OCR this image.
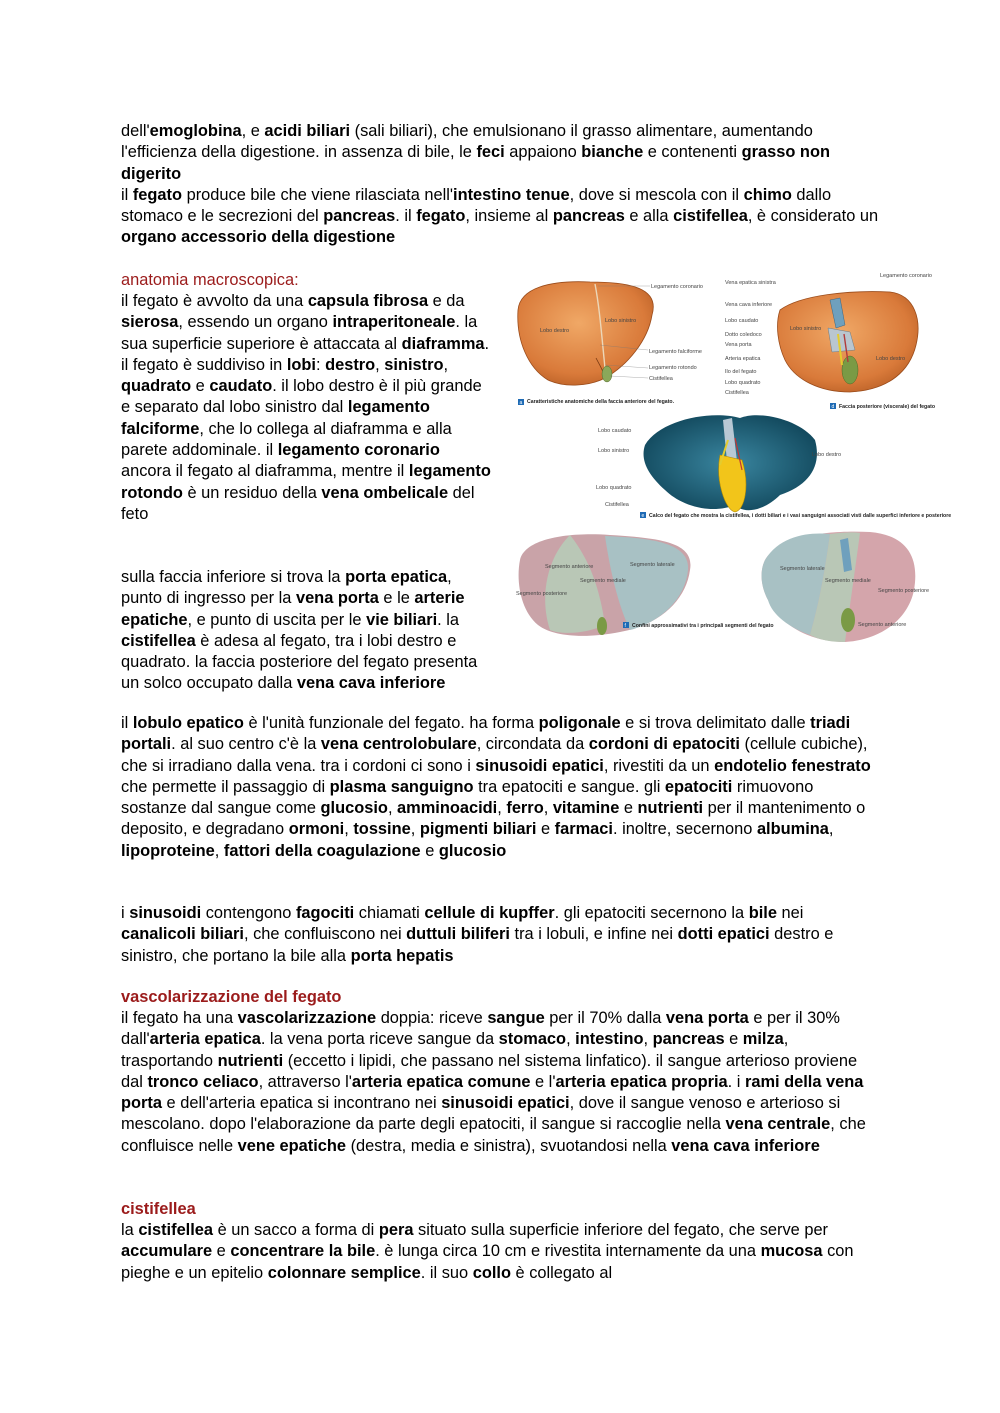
dell'emoglobina, e acidi biliari (sali biliari), che emulsionano il grasso alimentare, aumentando l'efficienza della digestione. in assenza di bile, le feci appaiono bianche e contenenti grasso non digerito
il fegato produce bile che viene rilasciata nell'intestino tenue, dove si mescola con il chimo dallo stomaco e le secrezioni del pancreas. il fegato, insieme al pancreas e alla cistifellea, è considerato un organo accessorio della digestione
anatomia macroscopica:
il fegato è avvolto da una capsula fibrosa e da sierosa, essendo un organo intraperitoneale. la sua superficie superiore è attaccata al diaframma. il fegato è suddiviso in lobi: destro, sinistro, quadrato e caudato. il lobo destro è il più grande e separato dal lobo sinistro dal legamento falciforme, che lo collega al diaframma e alla parete addominale. il legamento coronario ancora il fegato al diaframma, mentre il legamento rotondo è un residuo della vena ombelicale del feto
sulla faccia inferiore si trova la porta epatica, punto di ingresso per la vena porta e le arterie epatiche, e punto di uscita per le vie biliari. la cistifellea è adesa al fegato, tra i lobi destro e quadrato. la faccia posteriore del fegato presenta un solco occupato dalla vena cava inferiore
il lobulo epatico è l'unità funzionale del fegato. ha forma poligonale e si trova delimitato dalle triadi portali. al suo centro c'è la vena centrolobulare, circondata da cordoni di epatociti (cellule cubiche), che si irradiano dalla vena. tra i cordoni ci sono i sinusoidi epatici, rivestiti da un endotelio fenestrato che permette il passaggio di plasma sanguigno tra epatociti e sangue. gli epatociti rimuovono sostanze dal sangue come glucosio, amminoacidi, ferro, vitamine e nutrienti per il mantenimento o deposito, e degradano ormoni, tossine, pigmenti biliari e farmaci. inoltre, secernono albumina, lipoproteine, fattori della coagulazione e glucosio
i sinusoidi contengono fagociti chiamati cellule di kupffer. gli epatociti secernono la bile nei canalicoli biliari, che confluiscono nei duttuli biliferi tra i lobuli, e infine nei dotti epatici destro e sinistro, che portano la bile alla porta hepatis
vascolarizzazione del fegato
il fegato ha una vascolarizzazione doppia: riceve sangue per il 70% dalla vena porta e per il 30% dall'arteria epatica. la vena porta riceve sangue da stomaco, intestino, pancreas e milza, trasportando nutrienti (eccetto i lipidi, che passano nel sistema linfatico). il sangue arterioso proviene dal tronco celiaco, attraverso l'arteria epatica comune e l'arteria epatica propria. i rami della vena porta e dell'arteria epatica si incontrano nei sinusoidi epatici, dove il sangue venoso e arterioso si mescolano. dopo l'elaborazione da parte degli epatociti, il sangue si raccoglie nella vena centrale, che confluisce nelle vene epatiche (destra, media e sinistra), svuotandosi nella vena cava inferiore
cistifellea
la cistifellea è un sacco a forma di pera situato sulla superficie inferiore del fegato, che serve per accumulare e concentrare la bile. è lunga circa 10 cm e rivestita internamente da una mucosa con pieghe e un epitelio colonnare semplice. il suo collo è collegato al
Lobo destro
Lobo sinistro
Legamento coronario
Legamento falciforme
Legamento rotondo
Cistifellea
a Caratteristiche anatomiche della faccia anteriore del fegato.
Vena epatica sinistra
Vena cava inferiore
Lobo caudato
Dotto coledoco
Vena porta
Arteria epatica
Ilo del fegato
Lobo quadrato
Cistifellea
Legamento coronario
Lobo sinistro
Lobo destro
d Faccia posteriore (viscerale) del fegato
Lobo caudato
Lobo sinistro
Lobo destro
Lobo quadrato
Cistifellea
e Calco del fegato che mostra la cistifellea, i dotti biliari e i vasi sanguigni associati visti dalle superfici inferiore e posteriore
Segmento anteriore
Segmento posteriore
Segmento mediale
Segmento laterale
f Confini approssimativi tra i principali segmenti del fegato
Segmento laterale
Segmento mediale
Segmento posteriore
Segmento anteriore
